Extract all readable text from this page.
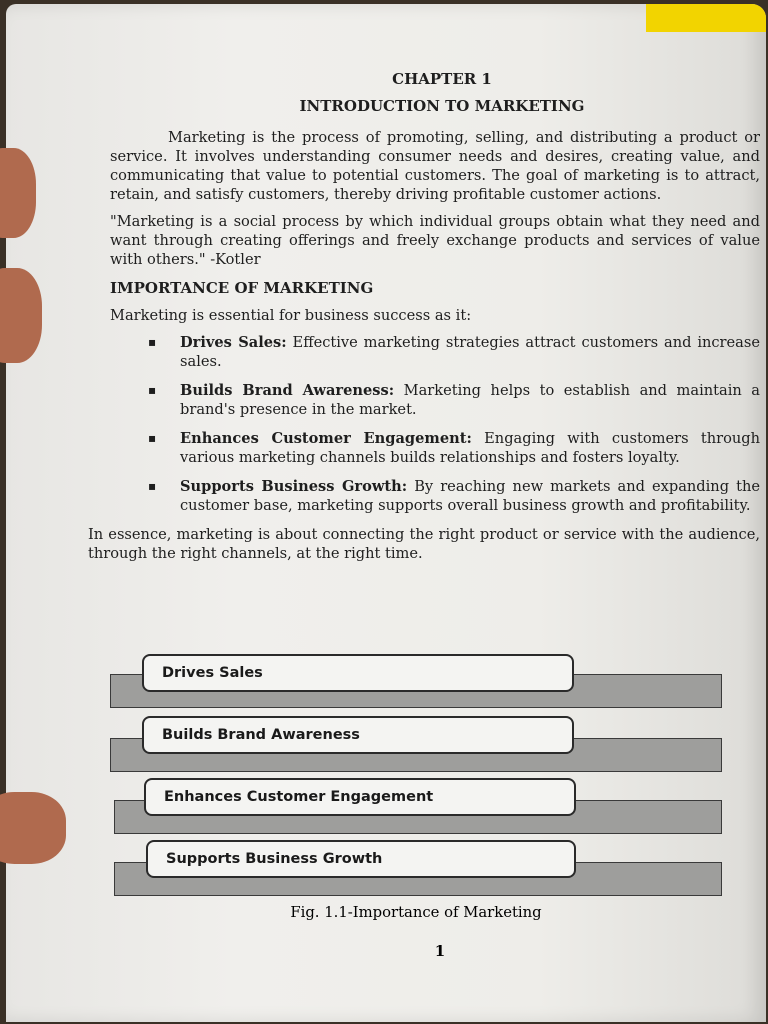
CHAPTER 1
INTRODUCTION TO MARKETING

Marketing is the process of promoting, selling, and distributing a product or service. It involves understanding consumer needs and desires, creating value, and communicating that value to potential customers. The goal of marketing is to attract, retain, and satisfy customers, thereby driving profitable customer actions.

"Marketing is a social process by which individual groups obtain what they need and want through creating offerings and freely exchange products and services of value with others." -Kotler

IMPORTANCE OF MARKETING

Marketing is essential for business success as it:

▪ Drives Sales: Effective marketing strategies attract customers and increase sales.
▪ Builds Brand Awareness: Marketing helps to establish and maintain a brand's presence in the market.
▪ Enhances Customer Engagement: Engaging with customers through various marketing channels builds relationships and fosters loyalty.
▪ Supports Business Growth: By reaching new markets and expanding the customer base, marketing supports overall business growth and profitability.

In essence, marketing is about connecting the right product or service with the audience, through the right channels, at the right time.

Drives Sales
Builds Brand Awareness
Enhances Customer Engagement
Supports Business Growth
Fig. 1.1-Importance of Marketing
1
